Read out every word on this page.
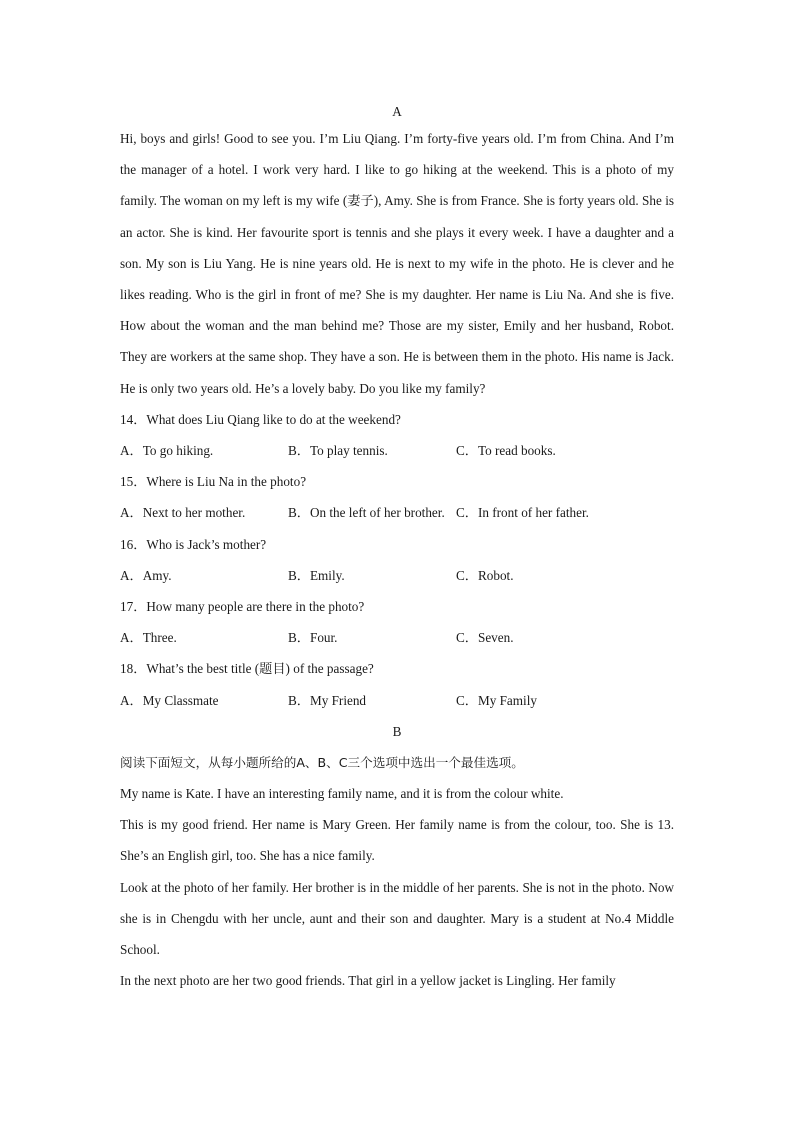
A

Hi, boys and girls! Good to see you. I’m Liu Qiang. I’m forty-five years old. I’m from China. And I’m the manager of a hotel. I work very hard. I like to go hiking at the weekend. This is a photo of my family. The woman on my left is my wife (妻子), Amy. She is from France. She is forty years old. She is an actor. She is kind. Her favourite sport is tennis and she plays it every week. I have a daughter and a son. My son is Liu Yang. He is nine years old. He is next to my wife in the photo. He is clever and he likes reading. Who is the girl in front of me? She is my daughter. Her name is Liu Na. And she is five. How about the woman and the man behind me? Those are my sister, Emily and her husband, Robot. They are workers at the same shop. They have a son. He is between them in the photo. His name is Jack. He is only two years old. He’s a lovely baby. Do you like my family?

14．What does Liu Qiang like to do at the weekend?
A．To go hiking.	B．To play tennis.	C．To read books.
15．Where is Liu Na in the photo?
A．Next to her mother.	B．On the left of her brother. C．In front of her father.
16．Who is Jack’s mother?
A．Amy.	B．Emily.	C．Robot.
17．How many people are there in the photo?
A．Three.	B．Four.	C．Seven.
18．What’s the best title (题目) of the passage?
A．My Classmate	B．My Friend	C．My Family
B
阅读下面短文，从每小题所给的A、B、C三个选项中选出一个最佳选项。

My name is Kate. I have an interesting family name, and it is from the colour white.

This is my good friend. Her name is Mary Green. Her family name is from the colour, too. She is 13. She’s an English girl, too. She has a nice family.

Look at the photo of her family. Her brother is in the middle of her parents. She is not in the photo. Now she is in Chengdu with her uncle, aunt and their son and daughter. Mary is a student at No.4 Middle School.

In the next photo are her two good friends. That girl in a yellow jacket is Lingling. Her family
